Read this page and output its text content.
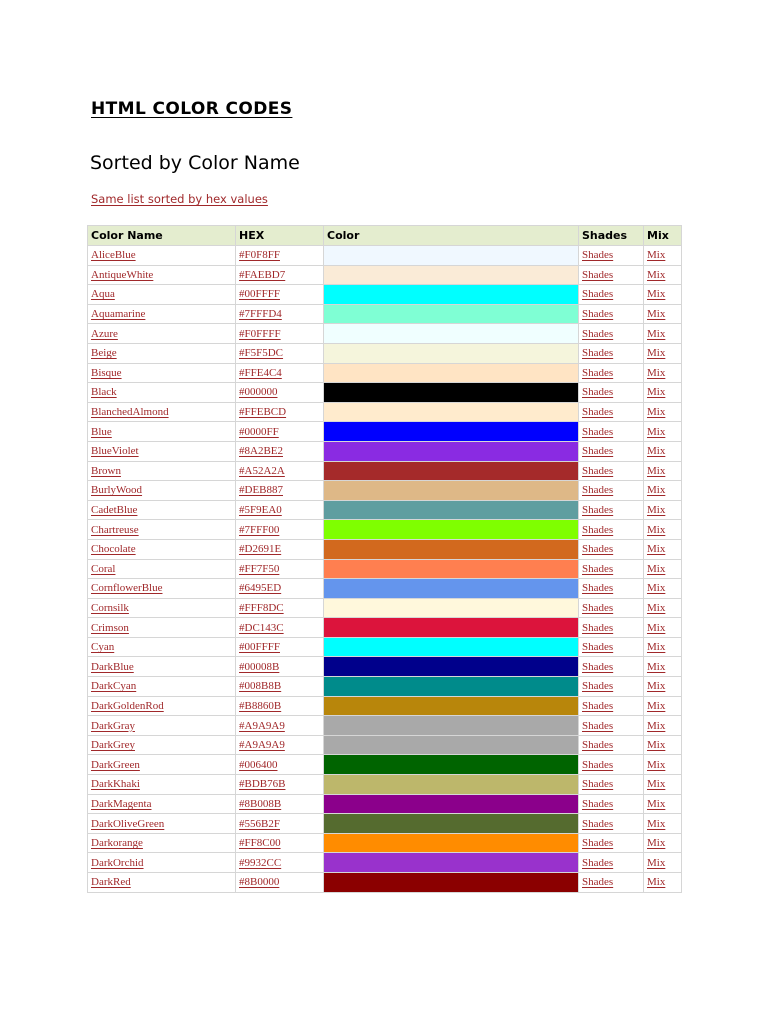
HTML COLOR CODES
Sorted by Color Name
Same list sorted by hex values
Color Name	HEX	Color	Shades	Mix
AliceBlue	#F0F8FF		Shades	Mix
AntiqueWhite	#FAEBD7		Shades	Mix
Aqua	#00FFFF		Shades	Mix
Aquamarine	#7FFFD4		Shades	Mix
Azure	#F0FFFF		Shades	Mix
Beige	#F5F5DC		Shades	Mix
Bisque	#FFE4C4		Shades	Mix
Black	#000000		Shades	Mix
BlanchedAlmond	#FFEBCD		Shades	Mix
Blue	#0000FF		Shades	Mix
BlueViolet	#8A2BE2		Shades	Mix
Brown	#A52A2A		Shades	Mix
BurlyWood	#DEB887		Shades	Mix
CadetBlue	#5F9EA0		Shades	Mix
Chartreuse	#7FFF00		Shades	Mix
Chocolate	#D2691E		Shades	Mix
Coral	#FF7F50		Shades	Mix
CornflowerBlue	#6495ED		Shades	Mix
Cornsilk	#FFF8DC		Shades	Mix
Crimson	#DC143C		Shades	Mix
Cyan	#00FFFF		Shades	Mix
DarkBlue	#00008B		Shades	Mix
DarkCyan	#008B8B		Shades	Mix
DarkGoldenRod	#B8860B		Shades	Mix
DarkGray	#A9A9A9		Shades	Mix
DarkGrey	#A9A9A9		Shades	Mix
DarkGreen	#006400		Shades	Mix
DarkKhaki	#BDB76B		Shades	Mix
DarkMagenta	#8B008B		Shades	Mix
DarkOliveGreen	#556B2F		Shades	Mix
Darkorange	#FF8C00		Shades	Mix
DarkOrchid	#9932CC		Shades	Mix
DarkRed	#8B0000		Shades	Mix
